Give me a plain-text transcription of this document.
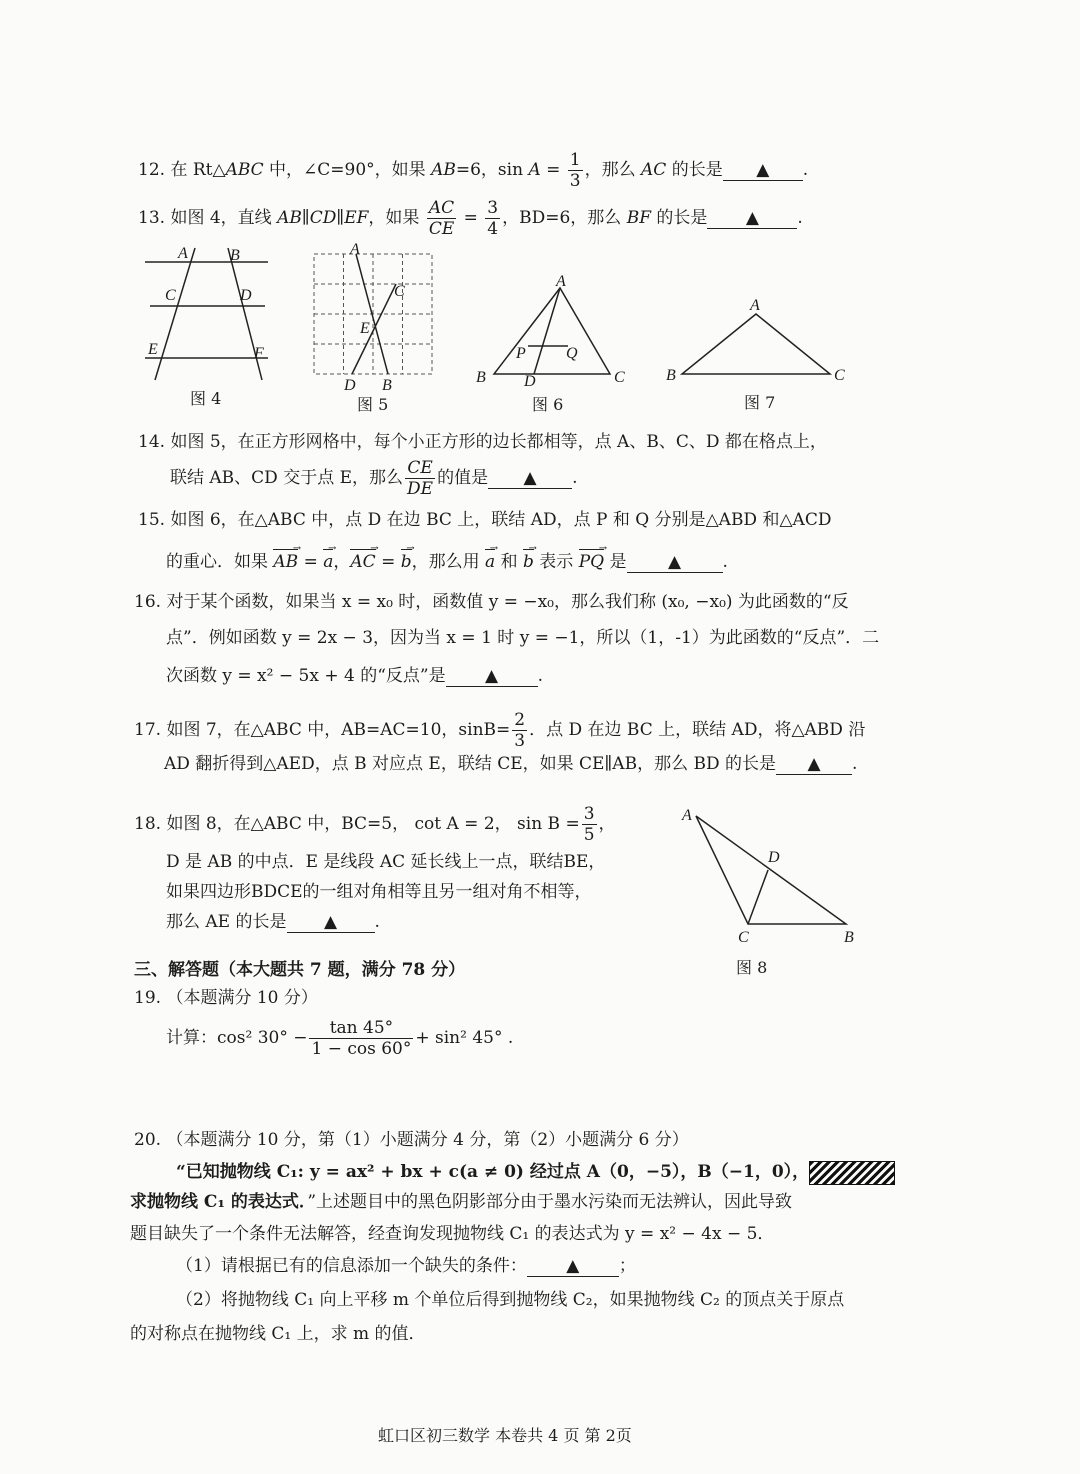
12. 在 Rt△ABC 中，∠C=90°，如果 AB=6，$\sin A = \frac{1}{3}$ ，那么 AC 的长是 ▲ .
13. 如图 4，直线 AB∥CD∥EF，如果 $\frac{AC}{CE} = \frac{3}{4}$ ，BD=6，那么 BF 的长是 ▲ .
A	B
C	D
E	F
图 4
A
C
E
D B
图 5
A
P	Q
B D	C
图 6
A
B	C
图 7
14. 如图 5，在正方形网格中，每个小正方形的边长都相等，点 A、B、C、D 都在格点上，
联结 AB、CD 交于点 E，那么 $\frac{CE}{DE}$ 的值是 ▲ .
15. 如图 6，在△ABC 中，点 D 在边 BC 上，联结 AD，点 P 和 Q 分别是△ABD 和△ACD
的重心．如果 AB → = a →，AC → = b →，那么用 a → 和 b → 表示 PQ → 是 ▲ .
16. 对于某个函数，如果当 x = x₀ 时，函数值 y = −x₀，那么我们称 (x₀, −x₀) 为此函数的“反
点”．例如函数 y = 2x − 3，因为当 x = 1 时 y = −1，所以（1，-1）为此函数的“反点”．二
次函数 y = x² − 5x + 4 的“反点”是 ▲ .
17. 如图 7，在△ABC 中，AB=AC=10，$\sin B= \frac{2}{3}$ ．点 D 在边 BC 上，联结 AD，将△ABD 沿
AD 翻折得到△AED，点 B 对应点 E，联结 CE，如果 CE∥AB，那么 BD 的长是 ▲ .
18. 如图 8，在△ABC 中，BC=5， cot A = 2， $\sin B = \frac{3}{5}$ ，
D 是 AB 的中点．E 是线段 AC 延长线上一点，联结BE，
如果四边形BDCE的一组对角相等且另一组对角不相等，
那么 AE 的长是 ▲ .
A
D
C	B
图 8
三、解答题（本大题共 7 题，满分 78 分）
19. （本题满分 10 分）
计算：cos² $30^\circ - \frac{\tan 45^\circ}{1 - \cos 60^\circ} + \sin^2$ 45° .
20. （本题满分 10 分，第（1）小题满分 4 分，第（2）小题满分 6 分）
“已知抛物线 C₁: y = ax² + bx + c(a ≠ 0) 经过点 A（0，−5），B（−1，0），
求抛物线 C₁ 的表达式．”上述题目中的黑色阴影部分由于墨水污染而无法辨认，因此导致
题目缺失了一个条件无法解答，经查询发现抛物线 C₁ 的表达式为 y = x² − 4x − 5．
（1）请根据已有的信息添加一个缺失的条件： ▲ ；
（2）将抛物线 C₁ 向上平移 m 个单位后得到抛物线 C₂，如果抛物线 C₂ 的顶点关于原点
的对称点在抛物线 C₁ 上，求 m 的值．
虹口区初三数学 本卷共 4 页 第 2页
